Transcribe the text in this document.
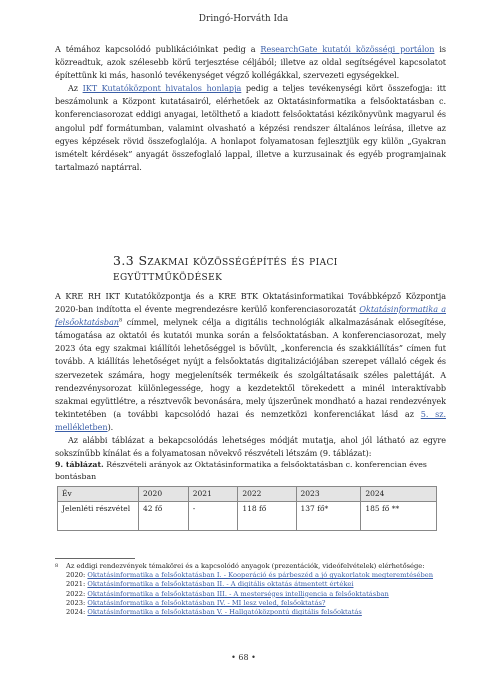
Dringó-Horváth Ida

A témához kapcsolódó publikációinkat pedig a ResearchGate kutatói közösségi portálon is közreadtuk, azok szélesebb körű terjesztése céljából; illetve az oldal segítségével kapcsolatot építettünk ki más, hasonló tevékenységet végző kollégákkal, szervezeti egységekkel.

Az IKT Kutatóközpont hivatalos honlapja pedig a teljes tevékenységi kört összefogja: itt beszámolunk a Központ kutatásairól, elérhetőek az Oktatásinformatika a felsőoktatásban c. konferenciasorozat eddigi anyagai, letölthető a kiadott felsőoktatási kézikönyvünk magyarul és angolul pdf formátumban, valamint olvasható a képzési rendszer általános leírása, illetve az egyes képzések rövid összefoglalója. A honlapot folyamatosan fejlesztjük egy külön „Gyakran ismételt kérdések” anyagát összefoglaló lappal, illetve a kurzusainak és egyéb programjainak tartalmazó naptárral.

3.3 Szakmai közösségépítés és piaci együttműködések

A KRE RH IKT Kutatóközpontja és a KRE BTK Oktatásinformatikai Továbbképző Központja 2020-ban indította el évente megrendezésre kerülő konferenciasorozatát Oktatásinformatika a felsőoktatásban$^8$ címmel, melynek célja a digitális technológiák alkalmazásának elősegítése, támogatása az oktatói és kutatói munka során a felsőoktatásban. A konferenciasorozat, mely 2023 óta egy szakmai kiállítói lehetőséggel is bővült, „konferencia és szakkiállítás” címen fut tovább. A kiállítás lehetőséget nyújt a felsőoktatás digitalizációjában szerepet vállaló cégek és szervezetek számára, hogy megjelenítsék termékeik és szolgáltatásaik széles palettáját. A rendezvénysorozat különlegessége, hogy a kezdetektől törekedett a minél interaktívabb szakmai együttlétre, a résztvevők bevonására, mely újszerűnek mondható a hazai rendezvények tekintetében (a további kapcsolódó hazai és nemzetközi konferenciákat lásd az 5. sz. mellékletben).

Az alábbi táblázat a bekapcsolódás lehetséges módját mutatja, ahol jól látható az egyre sokszínűbb kínálat és a folyamatosan növekvő részvételi létszám (9. táblázat):

9. táblázat. Részvételi arányok az Oktatásinformatika a felsőoktatásban c. konferencian éves bontásban
Év	2020	2021	2022	2023	2024
Jelenléti részvétel	42 fő	-	118 fő	137 fő*	185 fő **
8 Az eddigi rendezvények témakörei és a kapcsolódó anyagok (prezentációk, videófelvételek) elérhetősége:
2020: Oktatásinformatika a felsőoktatásban I. - Kooperáció és párbeszéd a jó gyakorlatok megteremtésében
2021: Oktatásinformatika a felsőoktatásban II. - A digitális oktatás átmentett értékei
2022: Oktatásinformatika a felsőoktatásban III. - A mesterséges intelligencia a felsőoktatásban
2023: Oktatásinformatika a felsőoktatásban IV. - MI lesz veled, felsőoktatás?
2024: Oktatásinformatika a felsőoktatásban V. - Hallgatóközpontú digitális felsőoktatás
• 68 •
